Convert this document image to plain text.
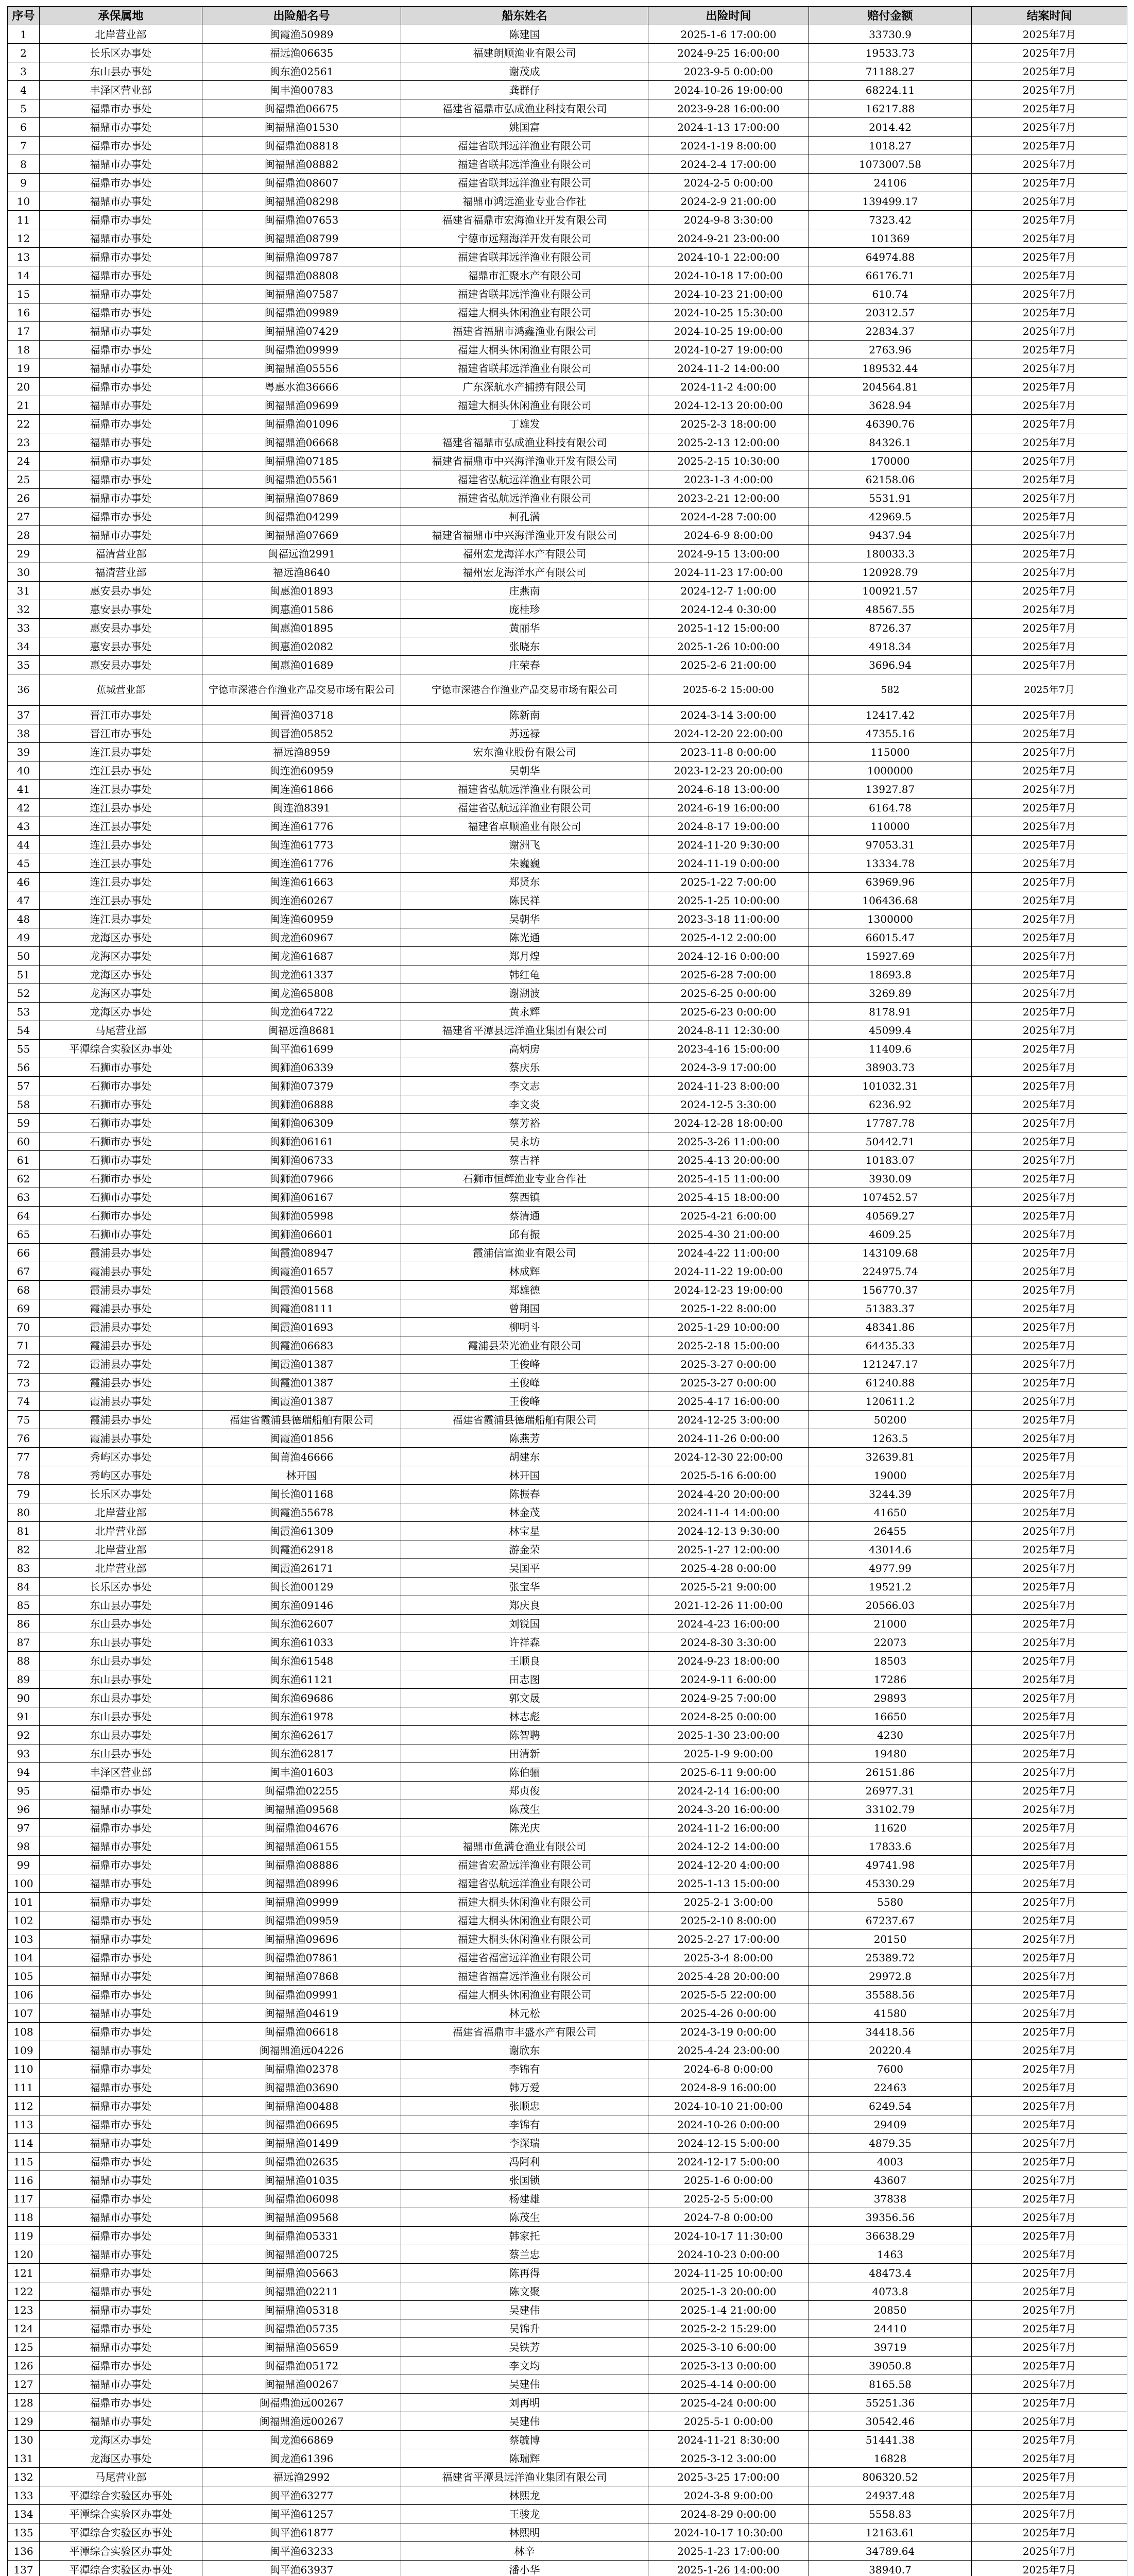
序号	承保属地	出险船名号	船东姓名	出险时间	赔付金额	结案时间
1	北岸营业部	闽霞渔50989	陈建国	2025-1-6 17:00:00	33730.9	2025年7月
2	长乐区办事处	福远渔06635	福建朗顺渔业有限公司	2024-9-25 16:00:00	19533.73	2025年7月
3	东山县办事处	闽东渔02561	谢茂成	2023-9-5 0:00:00	71188.27	2025年7月
4	丰泽区营业部	闽丰渔00783	龚群仔	2024-10-26 19:00:00	68224.11	2025年7月
5	福鼎市办事处	闽福鼎渔06675	福建省福鼎市弘成渔业科技有限公司	2023-9-28 16:00:00	16217.88	2025年7月
6	福鼎市办事处	闽福鼎渔01530	姚国富	2024-1-13 17:00:00	2014.42	2025年7月
7	福鼎市办事处	闽福鼎渔08818	福建省联邦远洋渔业有限公司	2024-1-19 8:00:00	1018.27	2025年7月
8	福鼎市办事处	闽福鼎渔08882	福建省联邦远洋渔业有限公司	2024-2-4 17:00:00	1073007.58	2025年7月
9	福鼎市办事处	闽福鼎渔08607	福建省联邦远洋渔业有限公司	2024-2-5 0:00:00	24106	2025年7月
10	福鼎市办事处	闽福鼎渔08298	福鼎市鸿远渔业专业合作社	2024-2-9 21:00:00	139499.17	2025年7月
11	福鼎市办事处	闽福鼎渔07653	福建省福鼎市宏海渔业开发有限公司	2024-9-8 3:30:00	7323.42	2025年7月
12	福鼎市办事处	闽福鼎渔08799	宁德市远翔海洋开发有限公司	2024-9-21 23:00:00	101369	2025年7月
13	福鼎市办事处	闽福鼎渔09787	福建省联邦远洋渔业有限公司	2024-10-1 22:00:00	64974.88	2025年7月
14	福鼎市办事处	闽福鼎渔08808	福鼎市汇聚水产有限公司	2024-10-18 17:00:00	66176.71	2025年7月
15	福鼎市办事处	闽福鼎渔07587	福建省联邦远洋渔业有限公司	2024-10-23 21:00:00	610.74	2025年7月
16	福鼎市办事处	闽福鼎渔09989	福建大桐头休闲渔业有限公司	2024-10-25 15:30:00	20312.57	2025年7月
17	福鼎市办事处	闽福鼎渔07429	福建省福鼎市鸿鑫渔业有限公司	2024-10-25 19:00:00	22834.37	2025年7月
18	福鼎市办事处	闽福鼎渔09999	福建大桐头休闲渔业有限公司	2024-10-27 19:00:00	2763.96	2025年7月
19	福鼎市办事处	闽福鼎渔05556	福建省联邦远洋渔业有限公司	2024-11-2 14:00:00	189532.44	2025年7月
20	福鼎市办事处	粤惠水渔36666	广东深航水产捕捞有限公司	2024-11-2 4:00:00	204564.81	2025年7月
21	福鼎市办事处	闽福鼎渔09699	福建大桐头休闲渔业有限公司	2024-12-13 20:00:00	3628.94	2025年7月
22	福鼎市办事处	闽福鼎渔01096	丁雄发	2025-2-3 18:00:00	46390.76	2025年7月
23	福鼎市办事处	闽福鼎渔06668	福建省福鼎市弘成渔业科技有限公司	2025-2-13 12:00:00	84326.1	2025年7月
24	福鼎市办事处	闽福鼎渔07185	福建省福鼎市中兴海洋渔业开发有限公司	2025-2-15 10:30:00	170000	2025年7月
25	福鼎市办事处	闽福鼎渔05561	福建省弘航远洋渔业有限公司	2023-1-3 4:00:00	62158.06	2025年7月
26	福鼎市办事处	闽福鼎渔07869	福建省弘航远洋渔业有限公司	2023-2-21 12:00:00	5531.91	2025年7月
27	福鼎市办事处	闽福鼎渔04299	柯孔满	2024-4-28 7:00:00	42969.5	2025年7月
28	福鼎市办事处	闽福鼎渔07669	福建省福鼎市中兴海洋渔业开发有限公司	2024-6-9 8:00:00	9437.94	2025年7月
29	福清营业部	闽福远渔2991	福州宏龙海洋水产有限公司	2024-9-15 13:00:00	180033.3	2025年7月
30	福清营业部	福远渔8640	福州宏龙海洋水产有限公司	2024-11-23 17:00:00	120928.79	2025年7月
31	惠安县办事处	闽惠渔01893	庄燕南	2024-12-7 1:00:00	100921.57	2025年7月
32	惠安县办事处	闽惠渔01586	庞桂珍	2024-12-4 0:30:00	48567.55	2025年7月
33	惠安县办事处	闽惠渔01895	黄丽华	2025-1-12 15:00:00	8726.37	2025年7月
34	惠安县办事处	闽惠渔02082	张晓东	2025-1-26 10:00:00	4918.34	2025年7月
35	惠安县办事处	闽惠渔01689	庄荣春	2025-2-6 21:00:00	3696.94	2025年7月
36	蕉城营业部	宁德市深港合作渔业产品交易市场有限公司	宁德市深港合作渔业产品交易市场有限公司	2025-6-2 15:00:00	582	2025年7月
37	晋江市办事处	闽晋渔03718	陈新南	2024-3-14 3:00:00	12417.42	2025年7月
38	晋江市办事处	闽晋渔05852	苏远禄	2024-12-20 22:00:00	47355.16	2025年7月
39	连江县办事处	福远渔8959	宏东渔业股份有限公司	2023-11-8 0:00:00	115000	2025年7月
40	连江县办事处	闽连渔60959	吴朝华	2023-12-23 20:00:00	1000000	2025年7月
41	连江县办事处	闽连渔61866	福建省弘航远洋渔业有限公司	2024-6-18 13:00:00	13927.87	2025年7月
42	连江县办事处	闽连渔8391	福建省弘航远洋渔业有限公司	2024-6-19 16:00:00	6164.78	2025年7月
43	连江县办事处	闽连渔61776	福建省卓顺渔业有限公司	2024-8-17 19:00:00	110000	2025年7月
44	连江县办事处	闽连渔61773	谢洲飞	2024-11-20 9:30:00	97053.31	2025年7月
45	连江县办事处	闽连渔61776	朱巍巍	2024-11-19 0:00:00	13334.78	2025年7月
46	连江县办事处	闽连渔61663	郑贤东	2025-1-22 7:00:00	63969.96	2025年7月
47	连江县办事处	闽连渔60267	陈民祥	2025-1-25 10:00:00	106436.68	2025年7月
48	连江县办事处	闽连渔60959	吴朝华	2023-3-18 11:00:00	1300000	2025年7月
49	龙海区办事处	闽龙渔60967	陈光通	2025-4-12 2:00:00	66015.47	2025年7月
50	龙海区办事处	闽龙渔61687	郑月煌	2024-12-16 0:00:00	15927.69	2025年7月
51	龙海区办事处	闽龙渔61337	韩红龟	2025-6-28 7:00:00	18693.8	2025年7月
52	龙海区办事处	闽龙渔65808	谢湖波	2025-6-25 0:00:00	3269.89	2025年7月
53	龙海区办事处	闽龙渔64722	黄永辉	2025-6-23 0:00:00	8178.91	2025年7月
54	马尾营业部	闽福远渔8681	福建省平潭县远洋渔业集团有限公司	2024-8-11 12:30:00	45099.4	2025年7月
55	平潭综合实验区办事处	闽平渔61699	高炳房	2023-4-16 15:00:00	11409.6	2025年7月
56	石狮市办事处	闽狮渔06339	蔡庆乐	2024-3-9 17:00:00	38903.73	2025年7月
57	石狮市办事处	闽狮渔07379	李文志	2024-11-23 8:00:00	101032.31	2025年7月
58	石狮市办事处	闽狮渔06888	李文炎	2024-12-5 3:30:00	6236.92	2025年7月
59	石狮市办事处	闽狮渔06309	蔡芳裕	2024-12-28 18:00:00	17787.78	2025年7月
60	石狮市办事处	闽狮渔06161	吴永坊	2025-3-26 11:00:00	50442.71	2025年7月
61	石狮市办事处	闽狮渔06733	蔡吉祥	2025-4-13 20:00:00	10183.07	2025年7月
62	石狮市办事处	闽狮渔07966	石狮市恒辉渔业专业合作社	2025-4-15 11:00:00	3930.09	2025年7月
63	石狮市办事处	闽狮渔06167	蔡西镇	2025-4-15 18:00:00	107452.57	2025年7月
64	石狮市办事处	闽狮渔05998	蔡清通	2025-4-21 6:00:00	40569.27	2025年7月
65	石狮市办事处	闽狮渔06601	邱有振	2025-4-30 21:00:00	4609.25	2025年7月
66	霞浦县办事处	闽霞渔08947	霞浦信富渔业有限公司	2024-4-22 11:00:00	143109.68	2025年7月
67	霞浦县办事处	闽霞渔01657	林成辉	2024-11-22 19:00:00	224975.74	2025年7月
68	霞浦县办事处	闽霞渔01568	郑雄德	2024-12-23 19:00:00	156770.37	2025年7月
69	霞浦县办事处	闽霞渔08111	曾翔国	2025-1-22 8:00:00	51383.37	2025年7月
70	霞浦县办事处	闽霞渔01693	柳明斗	2025-1-29 10:00:00	48341.86	2025年7月
71	霞浦县办事处	闽霞渔06683	霞浦县荣光渔业有限公司	2025-2-18 15:00:00	64435.33	2025年7月
72	霞浦县办事处	闽霞渔01387	王俊峰	2025-3-27 0:00:00	121247.17	2025年7月
73	霞浦县办事处	闽霞渔01387	王俊峰	2025-3-27 0:00:00	61240.88	2025年7月
74	霞浦县办事处	闽霞渔01387	王俊峰	2025-4-17 16:00:00	120611.2	2025年7月
75	霞浦县办事处	福建省霞浦县德瑞船舶有限公司	福建省霞浦县德瑞船舶有限公司	2024-12-25 3:00:00	50200	2025年7月
76	霞浦县办事处	闽霞渔01856	陈燕芳	2024-11-26 0:00:00	1263.5	2025年7月
77	秀屿区办事处	闽莆渔46666	胡建东	2024-12-30 22:00:00	32639.81	2025年7月
78	秀屿区办事处	林开国	林开国	2025-5-16 6:00:00	19000	2025年7月
79	长乐区办事处	闽长渔01168	陈振春	2024-4-20 20:00:00	3244.39	2025年7月
80	北岸营业部	闽霞渔55678	林金茂	2024-11-4 14:00:00	41650	2025年7月
81	北岸营业部	闽霞渔61309	林宝星	2024-12-13 9:30:00	26455	2025年7月
82	北岸营业部	闽霞渔62918	游金荣	2025-1-27 12:00:00	43014.6	2025年7月
83	北岸营业部	闽霞渔26171	吴国平	2025-4-28 0:00:00	4977.99	2025年7月
84	长乐区办事处	闽长渔00129	张宝华	2025-5-21 9:00:00	19521.2	2025年7月
85	东山县办事处	闽东渔09146	郑庆良	2021-12-26 11:00:00	20566.03	2025年7月
86	东山县办事处	闽东渔62607	刘锐国	2024-4-23 16:00:00	21000	2025年7月
87	东山县办事处	闽东渔61033	许祥森	2024-8-30 3:30:00	22073	2025年7月
88	东山县办事处	闽东渔61548	王顺良	2024-9-23 18:00:00	18503	2025年7月
89	东山县办事处	闽东渔61121	田志图	2024-9-11 6:00:00	17286	2025年7月
90	东山县办事处	闽东渔69686	郭文晟	2024-9-25 7:00:00	29893	2025年7月
91	东山县办事处	闽东渔61978	林志彪	2024-8-25 0:00:00	16650	2025年7月
92	东山县办事处	闽东渔62617	陈智聘	2025-1-30 23:00:00	4230	2025年7月
93	东山县办事处	闽东渔62817	田清新	2025-1-9 9:00:00	19480	2025年7月
94	丰泽区营业部	闽丰渔01603	陈伯骊	2025-6-11 9:00:00	26151.86	2025年7月
95	福鼎市办事处	闽福鼎渔02255	郑贞俊	2024-2-14 16:00:00	26977.31	2025年7月
96	福鼎市办事处	闽福鼎渔09568	陈茂生	2024-3-20 16:00:00	33102.79	2025年7月
97	福鼎市办事处	闽福鼎渔04676	陈光庆	2024-11-2 16:00:00	11620	2025年7月
98	福鼎市办事处	闽福鼎渔06155	福鼎市鱼满仓渔业有限公司	2024-12-2 14:00:00	17833.6	2025年7月
99	福鼎市办事处	闽福鼎渔08886	福建省宏盈远洋渔业有限公司	2024-12-20 4:00:00	49741.98	2025年7月
100	福鼎市办事处	闽福鼎渔08996	福建省弘航远洋渔业有限公司	2025-1-13 15:00:00	45330.29	2025年7月
101	福鼎市办事处	闽福鼎渔09999	福建大桐头休闲渔业有限公司	2025-2-1 3:00:00	5580	2025年7月
102	福鼎市办事处	闽福鼎渔09959	福建大桐头休闲渔业有限公司	2025-2-10 8:00:00	67237.67	2025年7月
103	福鼎市办事处	闽福鼎渔09696	福建大桐头休闲渔业有限公司	2025-2-27 17:00:00	20150	2025年7月
104	福鼎市办事处	闽福鼎渔07861	福建省福富远洋渔业有限公司	2025-3-4 8:00:00	25389.72	2025年7月
105	福鼎市办事处	闽福鼎渔07868	福建省福富远洋渔业有限公司	2025-4-28 20:00:00	29972.8	2025年7月
106	福鼎市办事处	闽福鼎渔09991	福建大桐头休闲渔业有限公司	2025-5-5 22:00:00	35588.56	2025年7月
107	福鼎市办事处	闽福鼎渔04619	林元松	2025-4-26 0:00:00	41580	2025年7月
108	福鼎市办事处	闽福鼎渔06618	福建省福鼎市丰盛水产有限公司	2024-3-19 0:00:00	34418.56	2025年7月
109	福鼎市办事处	闽福鼎渔远04226	谢欣东	2025-4-24 23:00:00	20220.4	2025年7月
110	福鼎市办事处	闽福鼎渔02378	李锦有	2024-6-8 0:00:00	7600	2025年7月
111	福鼎市办事处	闽福鼎渔03690	韩万爱	2024-8-9 16:00:00	22463	2025年7月
112	福鼎市办事处	闽福鼎渔00488	张顺忠	2024-10-10 21:00:00	6249.54	2025年7月
113	福鼎市办事处	闽福鼎渔06695	李锦有	2024-10-26 0:00:00	29409	2025年7月
114	福鼎市办事处	闽福鼎渔01499	李深瑞	2024-12-15 5:00:00	4879.35	2025年7月
115	福鼎市办事处	闽福鼎渔02635	冯阿利	2024-12-17 5:00:00	4003	2025年7月
116	福鼎市办事处	闽福鼎渔01035	张国锁	2025-1-6 0:00:00	43607	2025年7月
117	福鼎市办事处	闽福鼎渔06098	杨建雄	2025-2-5 5:00:00	37838	2025年7月
118	福鼎市办事处	闽福鼎渔09568	陈茂生	2024-7-8 0:00:00	39356.56	2025年7月
119	福鼎市办事处	闽福鼎渔05331	韩家托	2024-10-17 11:30:00	36638.29	2025年7月
120	福鼎市办事处	闽福鼎渔00725	蔡兰忠	2024-10-23 0:00:00	1463	2025年7月
121	福鼎市办事处	闽福鼎渔05663	陈再得	2024-11-25 10:00:00	48473.4	2025年7月
122	福鼎市办事处	闽福鼎渔02211	陈文聚	2025-1-3 20:00:00	4073.8	2025年7月
123	福鼎市办事处	闽福鼎渔05318	吴建伟	2025-1-4 21:00:00	20850	2025年7月
124	福鼎市办事处	闽福鼎渔05735	吴锦升	2025-2-2 15:29:00	24410	2025年7月
125	福鼎市办事处	闽福鼎渔05659	吴铁芳	2025-3-10 6:00:00	39719	2025年7月
126	福鼎市办事处	闽福鼎渔05172	李文均	2025-3-13 0:00:00	39050.8	2025年7月
127	福鼎市办事处	闽福鼎渔00267	吴建伟	2025-4-14 0:00:00	8165.58	2025年7月
128	福鼎市办事处	闽福鼎渔远00267	刘再明	2025-4-24 0:00:00	55251.36	2025年7月
129	福鼎市办事处	闽福鼎渔远00267	吴建伟	2025-5-1 0:00:00	30542.46	2025年7月
130	龙海区办事处	闽龙渔66869	蔡毓博	2024-11-21 8:30:00	51441.38	2025年7月
131	龙海区办事处	闽龙渔61396	陈瑞辉	2025-3-12 3:00:00	16828	2025年7月
132	马尾营业部	福远渔2992	福建省平潭县远洋渔业集团有限公司	2025-3-25 17:00:00	806320.52	2025年7月
133	平潭综合实验区办事处	闽平渔63277	林熙龙	2024-3-8 9:00:00	24937.48	2025年7月
134	平潭综合实验区办事处	闽平渔61257	王骏龙	2024-8-29 0:00:00	5558.83	2025年7月
135	平潭综合实验区办事处	闽平渔61877	林熙明	2024-10-17 10:30:00	12163.61	2025年7月
136	平潭综合实验区办事处	闽平渔63233	林辛	2025-1-23 17:00:00	34789.64	2025年7月
137	平潭综合实验区办事处	闽平渔63937	潘小华	2025-1-26 14:00:00	38940.7	2025年7月
